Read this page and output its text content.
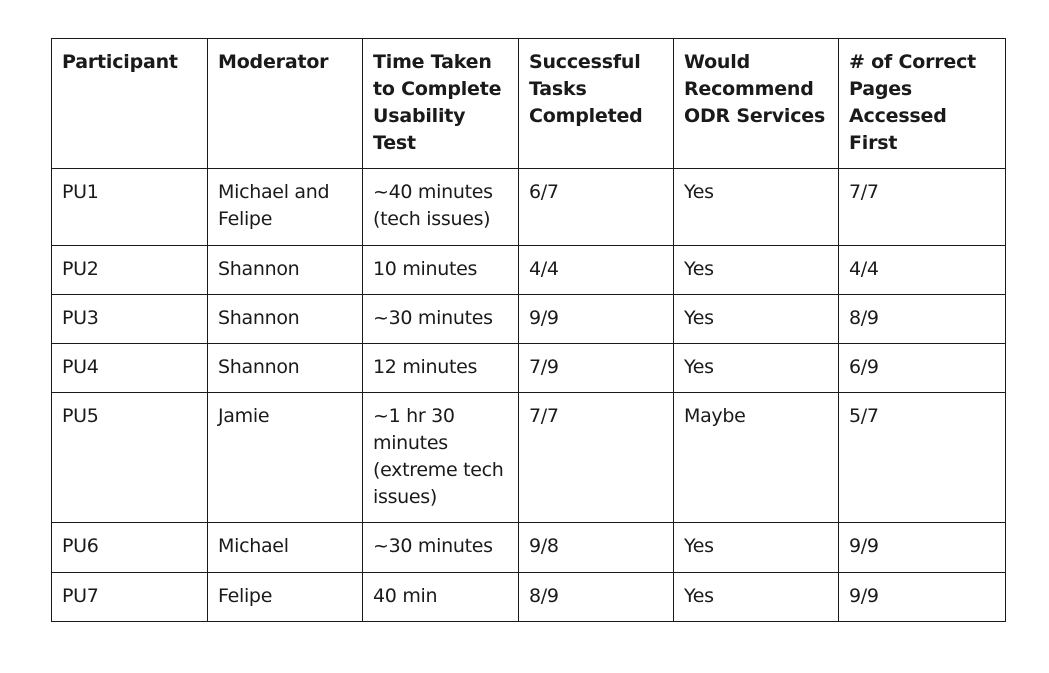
Participant	Moderator	Time Taken to Complete Usability Test	Successful Tasks Completed	Would Recommend ODR Services	# of Correct Pages Accessed First
PU1	Michael and Felipe	~40 minutes (tech issues)	6/7	Yes	7/7
PU2	Shannon	10 minutes	4/4	Yes	4/4
PU3	Shannon	~30 minutes	9/9	Yes	8/9
PU4	Shannon	12 minutes	7/9	Yes	6/9
PU5	Jamie	~1 hr 30 minutes (extreme tech issues)	7/7	Maybe	5/7
PU6	Michael	~30 minutes	9/8	Yes	9/9
PU7	Felipe	40 min	8/9	Yes	9/9
